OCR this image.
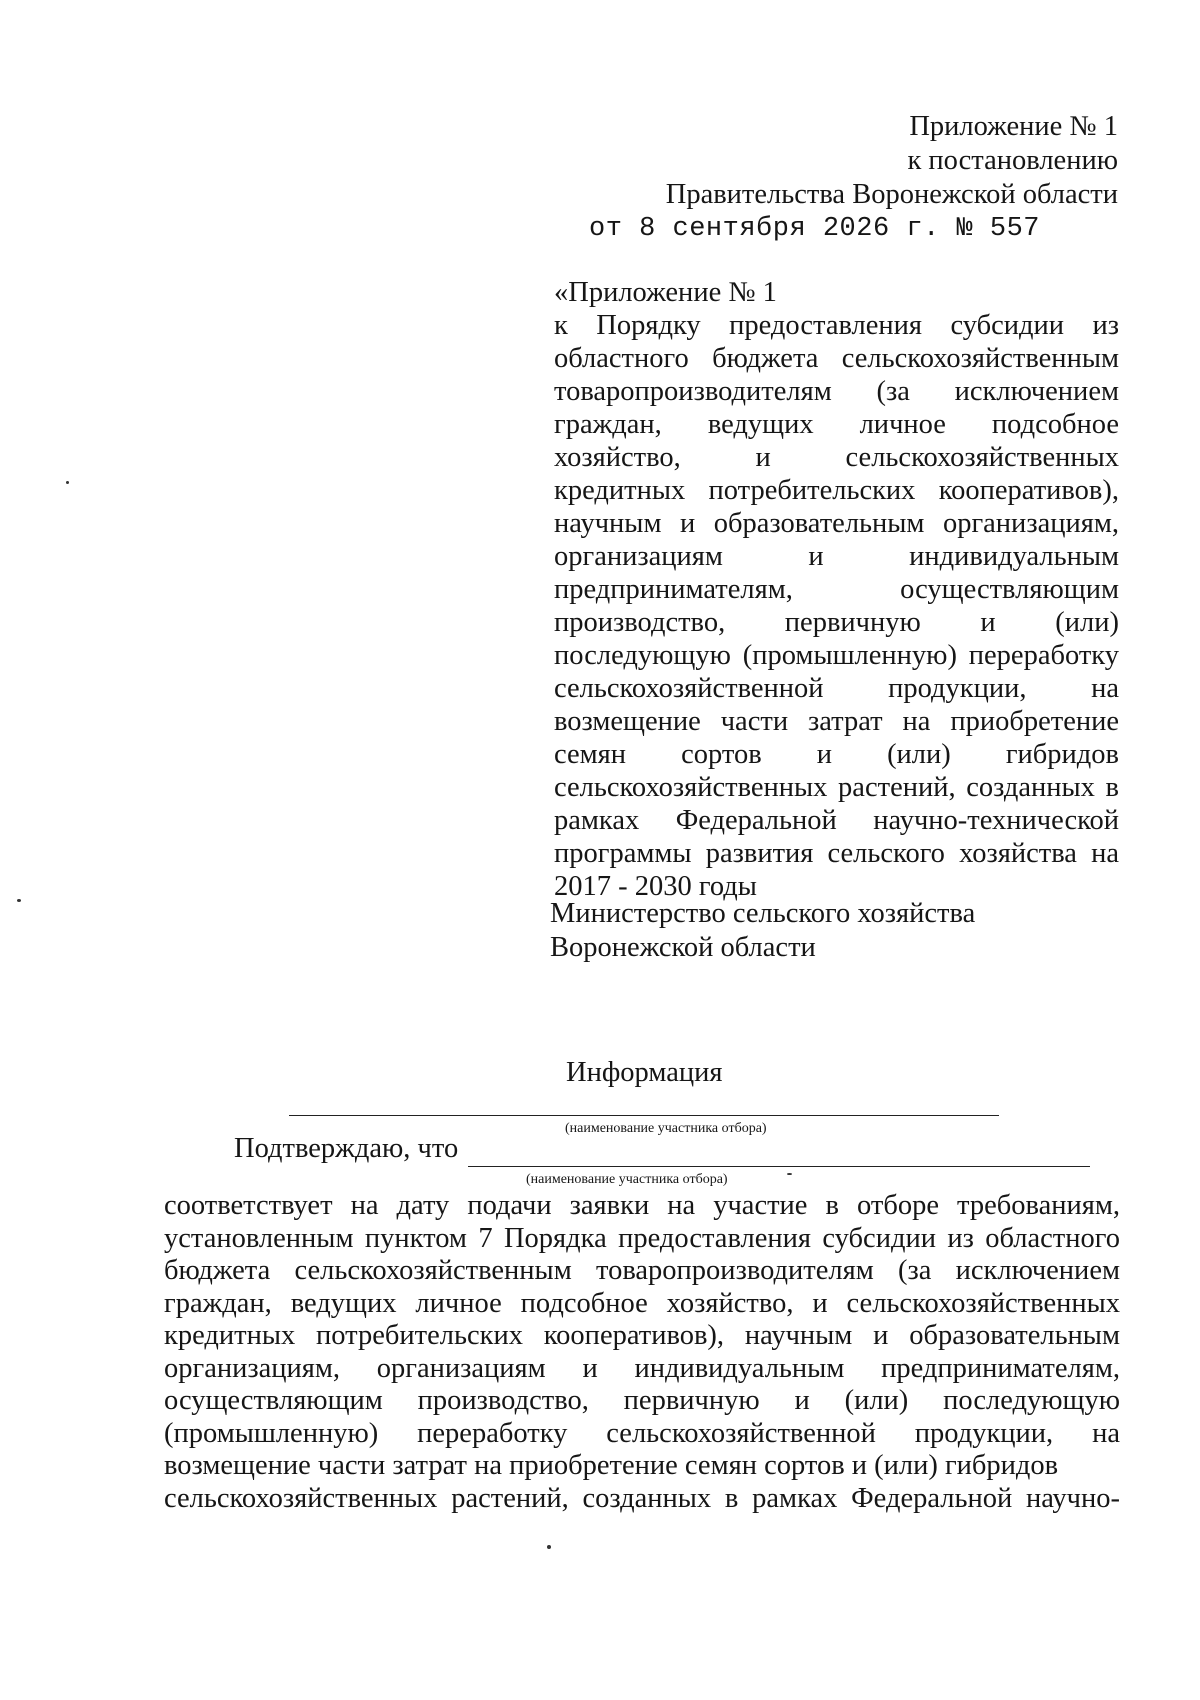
Приложение № 1
к постановлению
Правительства Воронежской области
от 8 сентября 2026 г. № 557
«Приложение № 1
к Порядку предоставления субсидии из областного бюджета сельскохозяйственным товаропроизводителям (за исключением граждан, ведущих личное подсобное хозяйство, и сельскохозяйственных кредитных потребительских кооперативов), научным и образовательным организациям, организациям и индивидуальным предпринимателям, осуществляющим производство, первичную и (или) последующую (промышленную) переработку сельскохозяйственной продукции, на возмещение части затрат на приобретение семян сортов и (или) гибридов сельскохозяйственных растений, созданных в рамках Федеральной научно-технической программы развития сельского хозяйства на 2017 - 2030 годы
Министерство сельского хозяйства
Воронежской области
Информация
(наименование участника отбора)
Подтверждаю, что
(наименование участника отбора)
соответствует на дату подачи заявки на участие в отборе требованиям, установленным пунктом 7 Порядка предоставления субсидии из областного бюджета сельскохозяйственным товаропроизводителям (за исключением граждан, ведущих личное подсобное хозяйство, и сельскохозяйственных кредитных потребительских кооперативов), научным и образовательным организациям, организациям и индивидуальным предпринимателям, осуществляющим производство, первичную и (или) последующую (промышленную) переработку сельскохозяйственной продукции, на возмещение части затрат на приобретение семян сортов и (или) гибридов
сельскохозяйственных растений, созданных в рамках Федеральной научно-
